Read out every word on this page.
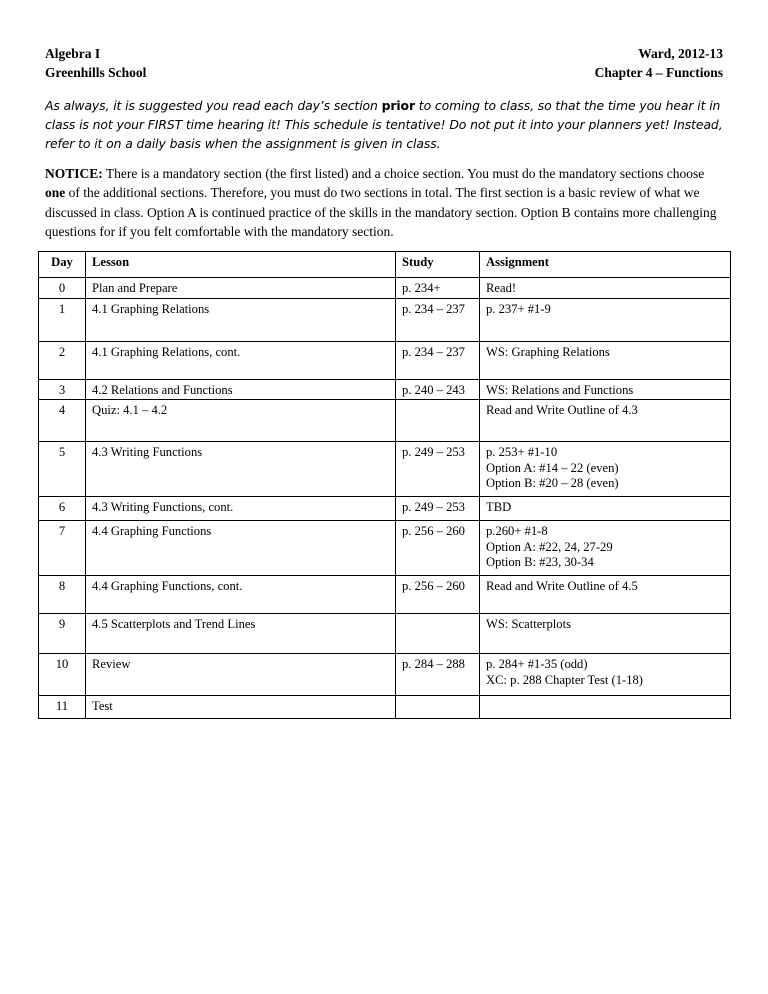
Algebra I
Greenhills School
Ward, 2012-13
Chapter 4 – Functions
As always, it is suggested you read each day’s section prior to coming to class, so that the time you hear it in class is not your FIRST time hearing it! This schedule is tentative! Do not put it into your planners yet! Instead, refer to it on a daily basis when the assignment is given in class.
NOTICE: There is a mandatory section (the first listed) and a choice section. You must do the mandatory sections choose one of the additional sections. Therefore, you must do two sections in total. The first section is a basic review of what we discussed in class. Option A is continued practice of the skills in the mandatory section. Option B contains more challenging questions for if you felt comfortable with the mandatory section.
Day	Lesson	Study	Assignment
0	Plan and Prepare	p. 234+	Read!

1	4.1 Graphing Relations	p. 234 – 237	p. 237+ #1-9

2	4.1 Graphing Relations, cont.	p. 234 – 237	WS: Graphing Relations

3	4.2 Relations and Functions	p. 240 – 243	WS: Relations and Functions

4	Quiz: 4.1 – 4.2		Read and Write Outline of 4.3

5	4.3 Writing Functions	p. 249 – 253	p. 253+ #1-10
Option A: #14 – 22 (even)
Option B: #20 – 28 (even)

6	4.3 Writing Functions, cont.	p. 249 – 253	TBD

7	4.4 Graphing Functions	p. 256 – 260	p.260+ #1-8
Option A: #22, 24, 27-29
Option B: #23, 30-34

8	4.4 Graphing Functions, cont.	p. 256 – 260	Read and Write Outline of 4.5

9	4.5 Scatterplots and Trend Lines		WS: Scatterplots

10	Review	p. 284 – 288	p. 284+ #1-35 (odd)
XC: p. 288 Chapter Test (1-18)

11	Test		
